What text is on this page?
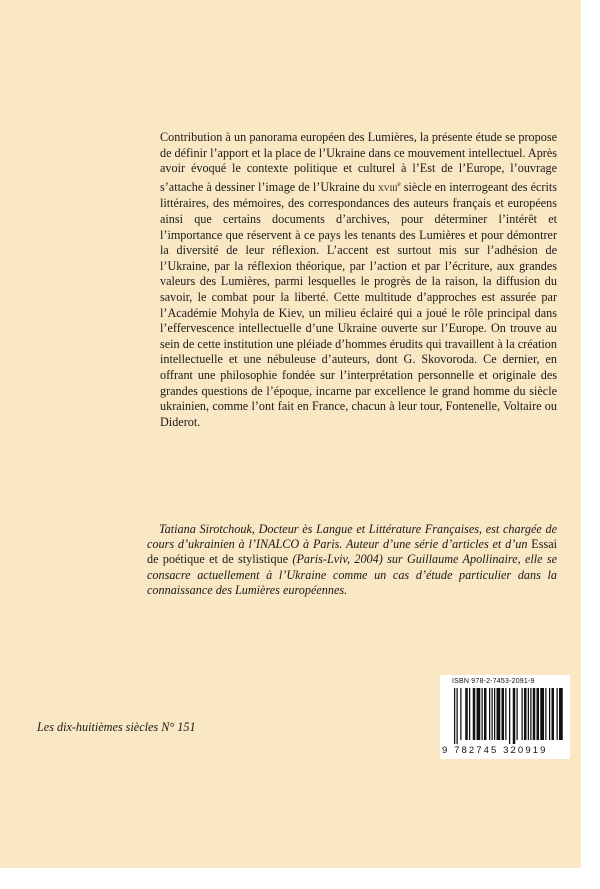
Contribution à un panorama européen des Lumières, la présente étude se propose de définir l’apport et la place de l’Ukraine dans ce mouvement intellectuel. Après avoir évoqué le contexte politique et culturel à l’Est de l’Europe, l’ouvrage s’attache à dessiner l’image de l’Ukraine du xviii$^e$ siècle en interrogeant des écrits littéraires, des mémoires, des correspondances des auteurs français et européens ainsi que certains documents d’archives, pour déterminer l’intérêt et l’importance que réservent à ce pays les tenants des Lumières et pour démontrer la diversité de leur réflexion. L’accent est surtout mis sur l’adhésion de l’Ukraine, par la réflexion théorique, par l’action et par l’écriture, aux grandes valeurs des Lumières, parmi lesquelles le progrès de la raison, la diffusion du savoir, le combat pour la liberté. Cette multitude d’approches est assurée par l’Académie Mohyla de Kiev, un milieu éclairé qui a joué le rôle principal dans l’effervescence intellectuelle d’une Ukraine ouverte sur l’Europe. On trouve au sein de cette institution une pléiade d’hommes érudits qui travaillent à la création intellectuelle et une nébuleuse d’auteurs, dont G. Skovoroda. Ce dernier, en offrant une philosophie fondée sur l’interprétation personnelle et originale des grandes questions de l’époque, incarne par excellence le grand homme du siècle ukrainien, comme l’ont fait en France, chacun à leur tour, Fontenelle, Voltaire ou Diderot.

Tatiana Sirotchouk, Docteur ès Langue et Littérature Françaises, est chargée de cours d’ukrainien à l’INALCO à Paris. Auteur d’une série d’articles et d’un Essai de poétique et de stylistique (Paris-Lviv, 2004) sur Guillaume Apollinaire, elle se consacre actuellement à l’Ukraine comme un cas d’étude particulier dans la connaissance des Lumières européennes.

Les dix-huitièmes siècles N° 151

ISBN 978-2-7453-2091-9
9 782745 320919
